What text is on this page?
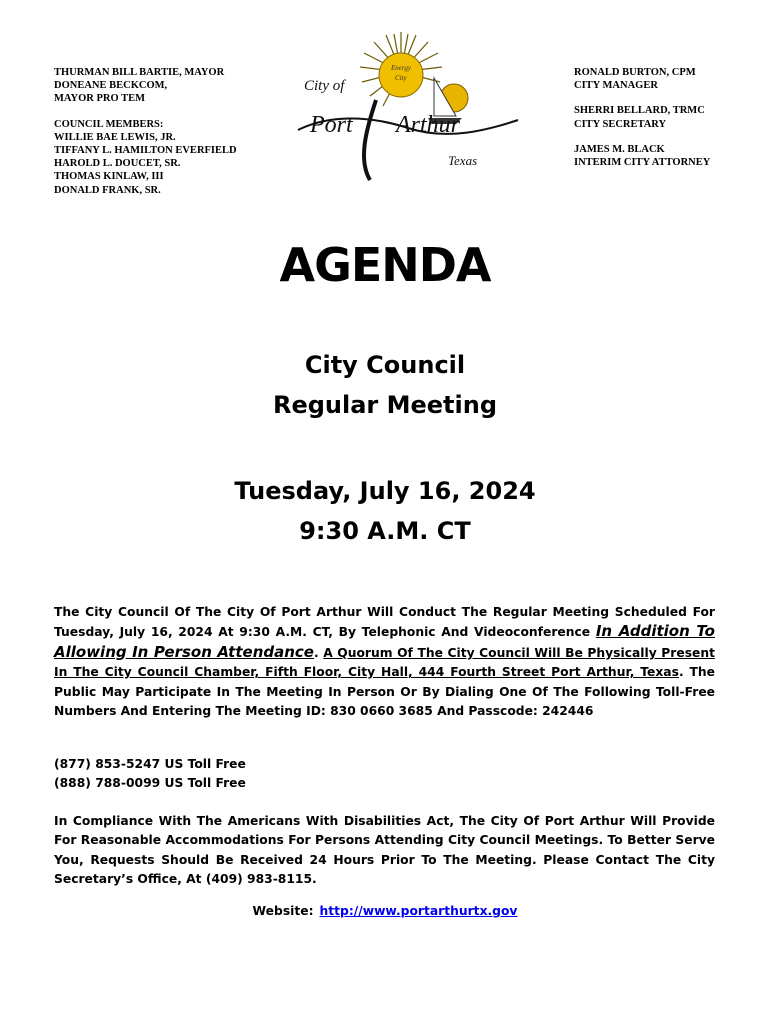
THURMAN BILL BARTIE, MAYOR
DONEANE BECKCOM,
MAYOR PRO TEM
COUNCIL MEMBERS:
WILLIE BAE LEWIS, JR.
TIFFANY L. HAMILTON EVERFIELD
HAROLD L. DOUCET, SR.
THOMAS KINLAW, III
DONALD FRANK, SR.
Energy
City
City of
Port Arthur
Texas
RONALD BURTON, CPM
CITY MANAGER
SHERRI BELLARD, TRMC
CITY SECRETARY
JAMES M. BLACK
INTERIM CITY ATTORNEY
AGENDA
City Council
Regular Meeting
Tuesday, July 16, 2024
9:30 A.M. CT
The City Council Of The City Of Port Arthur Will Conduct The Regular Meeting Scheduled For Tuesday, July 16, 2024 At 9:30 A.M. CT, By Telephonic And Videoconference In Addition To Allowing In Person Attendance. A Quorum Of The City Council Will Be Physically Present In The City Council Chamber, Fifth Floor, City Hall, 444 Fourth Street Port Arthur, Texas. The Public May Participate In The Meeting In Person Or By Dialing One Of The Following Toll-Free Numbers And Entering The Meeting ID: 830 0660 3685 And Passcode: 242446
(877) 853-5247 US Toll Free
(888) 788-0099 US Toll Free
In Compliance With The Americans With Disabilities Act, The City Of Port Arthur Will Provide For Reasonable Accommodations For Persons Attending City Council Meetings. To Better Serve You, Requests Should Be Received 24 Hours Prior To The Meeting. Please Contact The City Secretary’s Office, At (409) 983-8115.
Website: http://www.portarthurtx.gov
